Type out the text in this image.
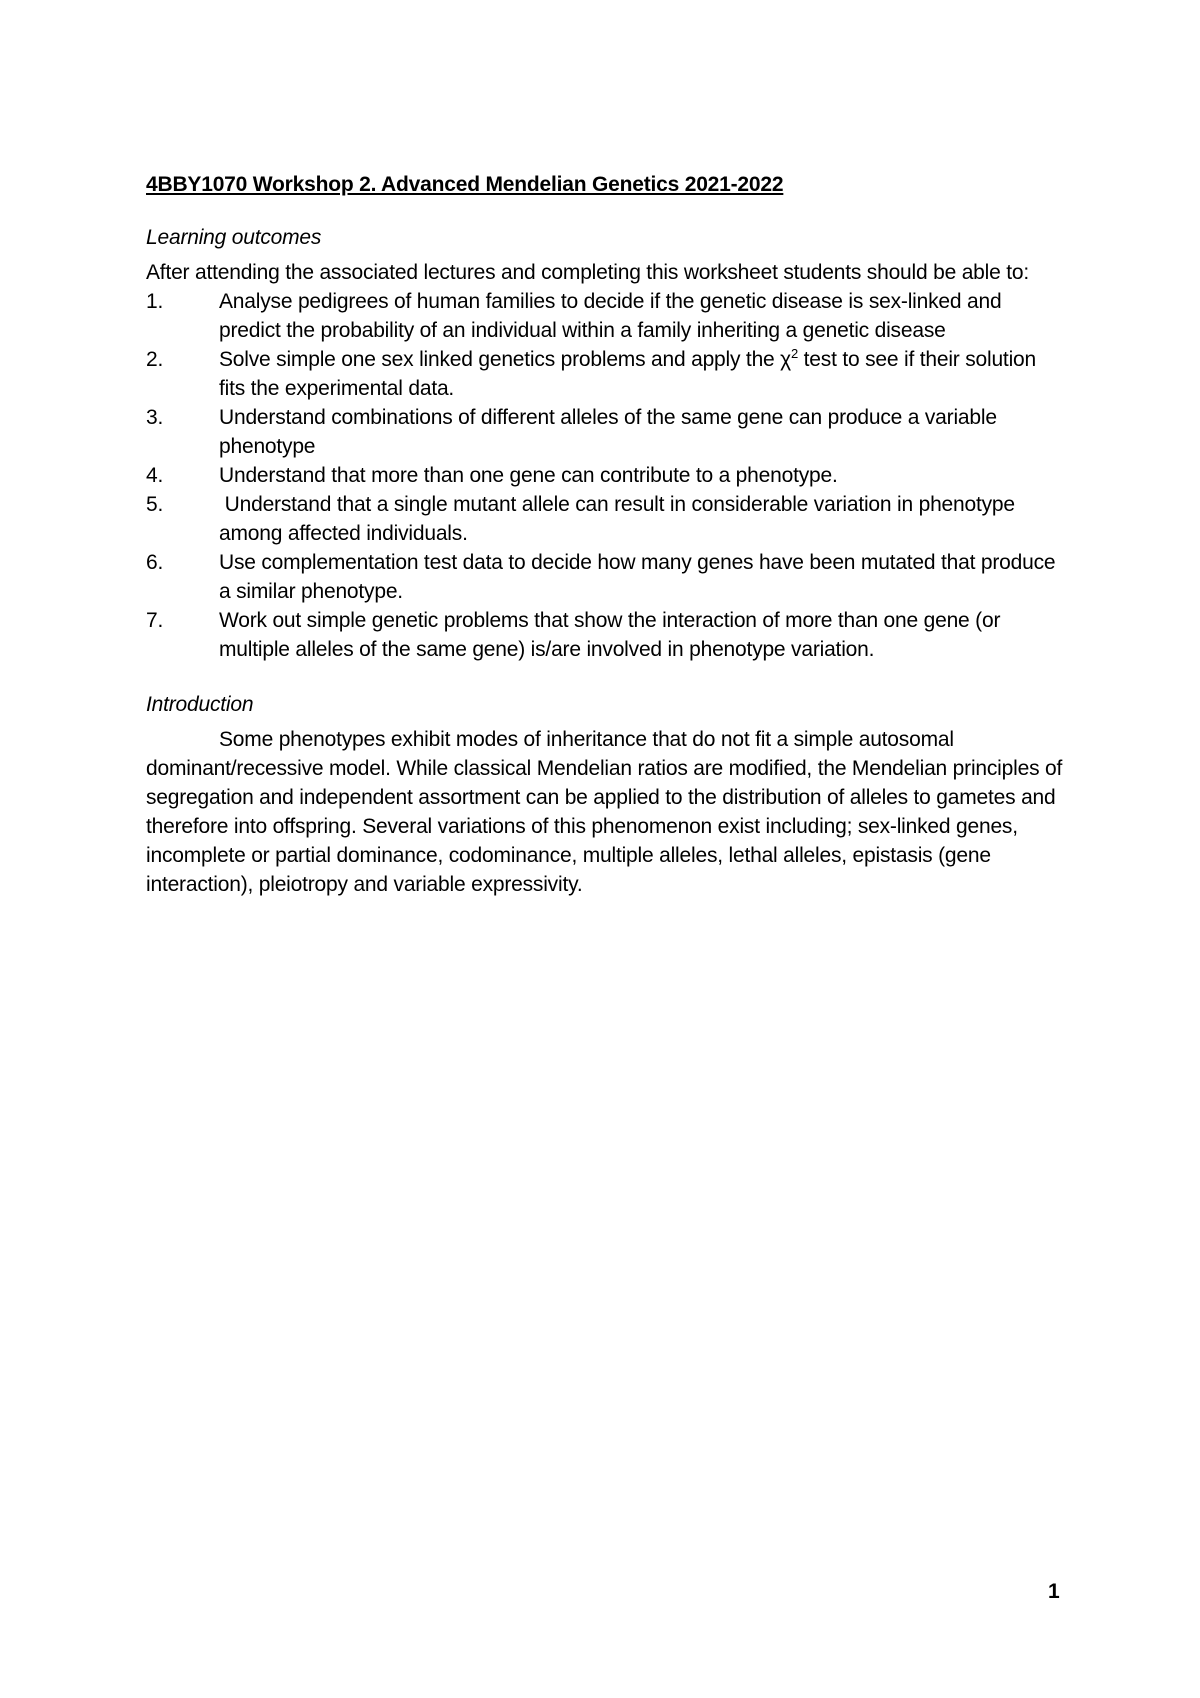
4BBY1070 Workshop 2. Advanced Mendelian Genetics 2021-2022
Learning outcomes
After attending the associated lectures and completing this worksheet students should be able to:
1.	Analyse pedigrees of human families to decide if the genetic disease is sex-linked and predict the probability of an individual within a family inheriting a genetic disease
2.	Solve simple one sex linked genetics problems and apply the $\chi^2$ test to see if their solution fits the experimental data.
3.	Understand combinations of different alleles of the same gene can produce a variable phenotype
4.	Understand that more than one gene can contribute to a phenotype.
5.	Understand that a single mutant allele can result in considerable variation in phenotype among affected individuals.
6.	Use complementation test data to decide how many genes have been mutated that produce a similar phenotype.
7.	Work out simple genetic problems that show the interaction of more than one gene (or multiple alleles of the same gene) is/are involved in phenotype variation.
Introduction

Some phenotypes exhibit modes of inheritance that do not fit a simple autosomal dominant/recessive model. While classical Mendelian ratios are modified, the Mendelian principles of segregation and independent assortment can be applied to the distribution of alleles to gametes and therefore into offspring. Several variations of this phenomenon exist including; sex-linked genes, incomplete or partial dominance, codominance, multiple alleles, lethal alleles, epistasis (gene interaction), pleiotropy and variable expressivity.

1
